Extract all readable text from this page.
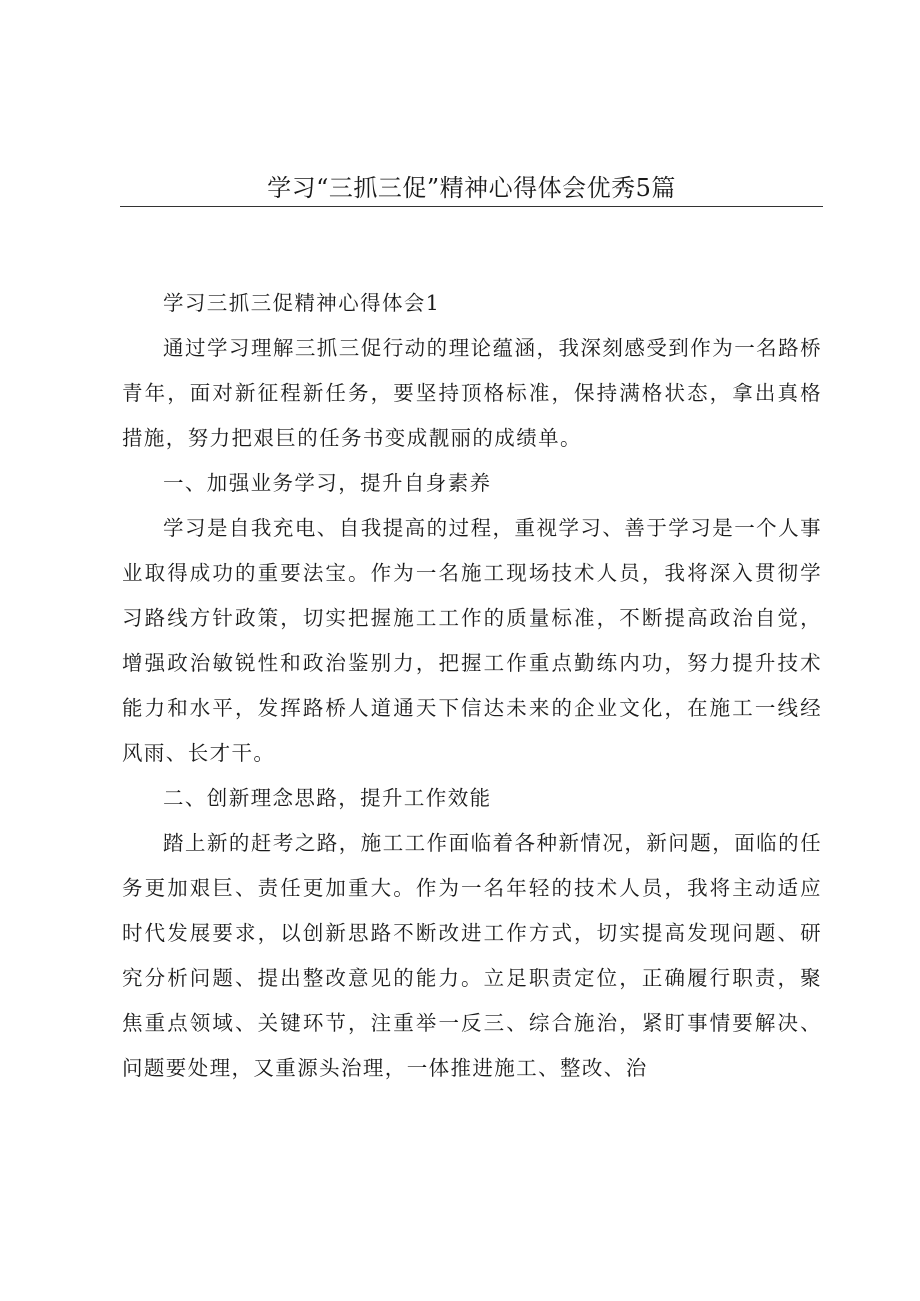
学习“三抓三促”精神心得体会优秀5篇

学习三抓三促精神心得体会1

通过学习理解三抓三促行动的理论蕴涵，我深刻感受到作为一名路桥青年，面对新征程新任务，要坚持顶格标准，保持满格状态，拿出真格措施，努力把艰巨的任务书变成靓丽的成绩单。

一、加强业务学习，提升自身素养

学习是自我充电、自我提高的过程，重视学习、善于学习是一个人事业取得成功的重要法宝。作为一名施工现场技术人员，我将深入贯彻学习路线方针政策，切实把握施工工作的质量标准，不断提高政治自觉，增强政治敏锐性和政治鉴别力，把握工作重点勤练内功，努力提升技术能力和水平，发挥路桥人道通天下信达未来的企业文化，在施工一线经风雨、长才干。

二、创新理念思路，提升工作效能

踏上新的赶考之路，施工工作面临着各种新情况，新问题，面临的任务更加艰巨、责任更加重大。作为一名年轻的技术人员，我将主动适应时代发展要求，以创新思路不断改进工作方式，切实提高发现问题、研究分析问题、提出整改意见的能力。立足职责定位，正确履行职责，聚焦重点领域、关键环节，注重举一反三、综合施治，紧盯事情要解决、问题要处理，又重源头治理，一体推进施工、整改、治
